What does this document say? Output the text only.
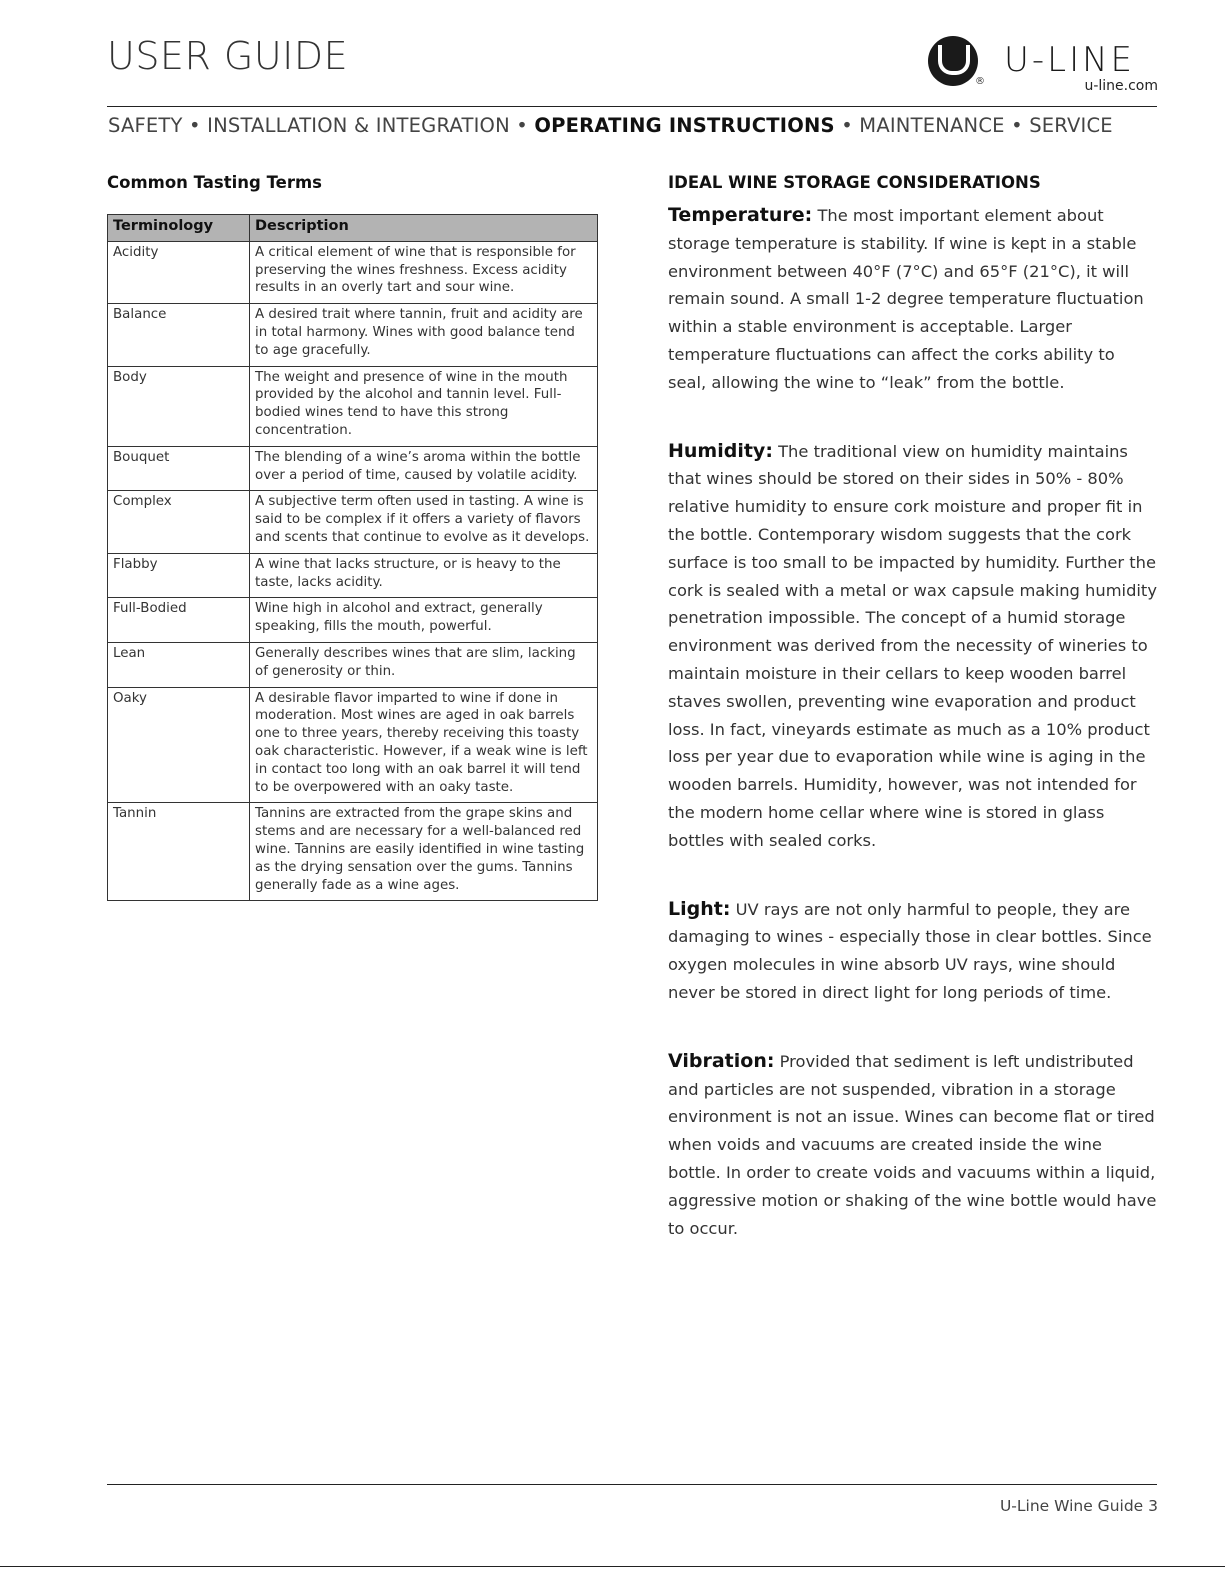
USER GUIDE
®
U-LINE
u-line.com
SAFETY • INSTALLATION & INTEGRATION • OPERATING INSTRUCTIONS • MAINTENANCE • SERVICE
Common Tasting Terms
Terminology	Description
Acidity	A critical element of wine that is responsible for preserving the wines freshness. Excess acidity results in an overly tart and sour wine.
Balance	A desired trait where tannin, fruit and acidity are in total harmony. Wines with good balance tend to age gracefully.
Body	The weight and presence of wine in the mouth provided by the alcohol and tannin level. Full-bodied wines tend to have this strong concentration.
Bouquet	The blending of a wine’s aroma within the bottle over a period of time, caused by volatile acidity.
Complex	A subjective term often used in tasting. A wine is said to be complex if it offers a variety of flavors and scents that continue to evolve as it develops.
Flabby	A wine that lacks structure, or is heavy to the taste, lacks acidity.
Full-Bodied	Wine high in alcohol and extract, generally speaking, fills the mouth, powerful.
Lean	Generally describes wines that are slim, lacking of generosity or thin.
Oaky	A desirable flavor imparted to wine if done in moderation. Most wines are aged in oak barrels one to three years, thereby receiving this toasty oak characteristic. However, if a weak wine is left in contact too long with an oak barrel it will tend to be overpowered with an oaky taste.
Tannin	Tannins are extracted from the grape skins and stems and are necessary for a well-balanced red wine. Tannins are easily identified in wine tasting as the drying sensation over the gums. Tannins generally fade as a wine ages.
IDEAL WINE STORAGE CONSIDERATIONS

Temperature: The most important element about storage temperature is stability. If wine is kept in a stable environment between 40°F (7°C) and 65°F (21°C), it will remain sound. A small 1-2 degree temperature fluctuation within a stable environment is acceptable. Larger temperature fluctuations can affect the corks ability to seal, allowing the wine to “leak” from the bottle.

Humidity: The traditional view on humidity maintains that wines should be stored on their sides in 50% - 80% relative humidity to ensure cork moisture and proper fit in the bottle. Contemporary wisdom suggests that the cork surface is too small to be impacted by humidity. Further the cork is sealed with a metal or wax capsule making humidity penetration impossible. The concept of a humid storage environment was derived from the necessity of wineries to maintain moisture in their cellars to keep wooden barrel staves swollen, preventing wine evaporation and product loss. In fact, vineyards estimate as much as a 10% product loss per year due to evaporation while wine is aging in the wooden barrels. Humidity, however, was not intended for the modern home cellar where wine is stored in glass bottles with sealed corks.

Light: UV rays are not only harmful to people, they are damaging to wines - especially those in clear bottles. Since oxygen molecules in wine absorb UV rays, wine should never be stored in direct light for long periods of time.

Vibration: Provided that sediment is left undistributed and particles are not suspended, vibration in a storage environment is not an issue. Wines can become flat or tired when voids and vacuums are created inside the wine bottle. In order to create voids and vacuums within a liquid, aggressive motion or shaking of the wine bottle would have to occur.

U-Line Wine Guide 3
